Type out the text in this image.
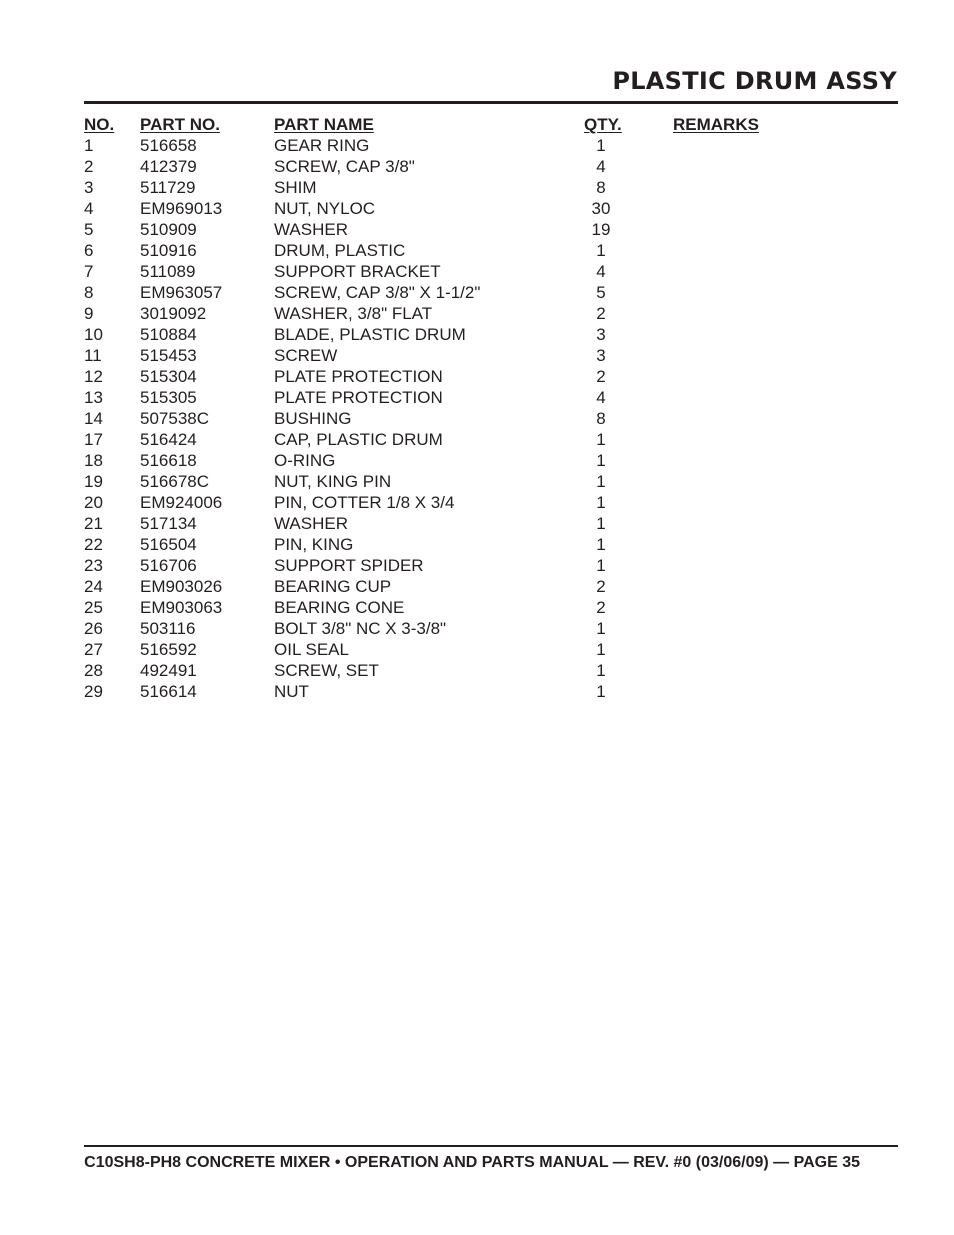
PLASTIC DRUM ASSY
NO. PART NO.	PART NAME	QTY.	REMARKS
1	516658	GEAR RING	1
2	412379	SCREW, CAP 3/8"	4
3	511729	SHIM	8
4	EM969013	NUT, NYLOC	30
5	510909	WASHER	19
6	510916	DRUM, PLASTIC	1
7	511089	SUPPORT BRACKET	4
8	EM963057	SCREW, CAP 3/8" X 1-1/2"	5
9	3019092	WASHER, 3/8" FLAT	2
10 510884	BLADE, PLASTIC DRUM	3
11 515453	SCREW	3
12 515304	PLATE PROTECTION	2
13 515305	PLATE PROTECTION	4
14 507538C	BUSHING	8
17 516424	CAP, PLASTIC DRUM	1
18 516618	O-RING	1
19 516678C	NUT, KING PIN	1
20 EM924006	PIN, COTTER 1/8 X 3/4	1
21 517134	WASHER	1
22 516504	PIN, KING	1
23 516706	SUPPORT SPIDER	1
24 EM903026	BEARING CUP	2
25 EM903063	BEARING CONE	2
26 503116	BOLT 3/8" NC X 3-3/8"	1
27 516592	OIL SEAL	1
28 492491	SCREW, SET	1
29 516614	NUT	1
C10SH8-PH8 CONCRETE MIXER • OPERATION AND PARTS MANUAL — REV. #0 (03/06/09) — PAGE 35
